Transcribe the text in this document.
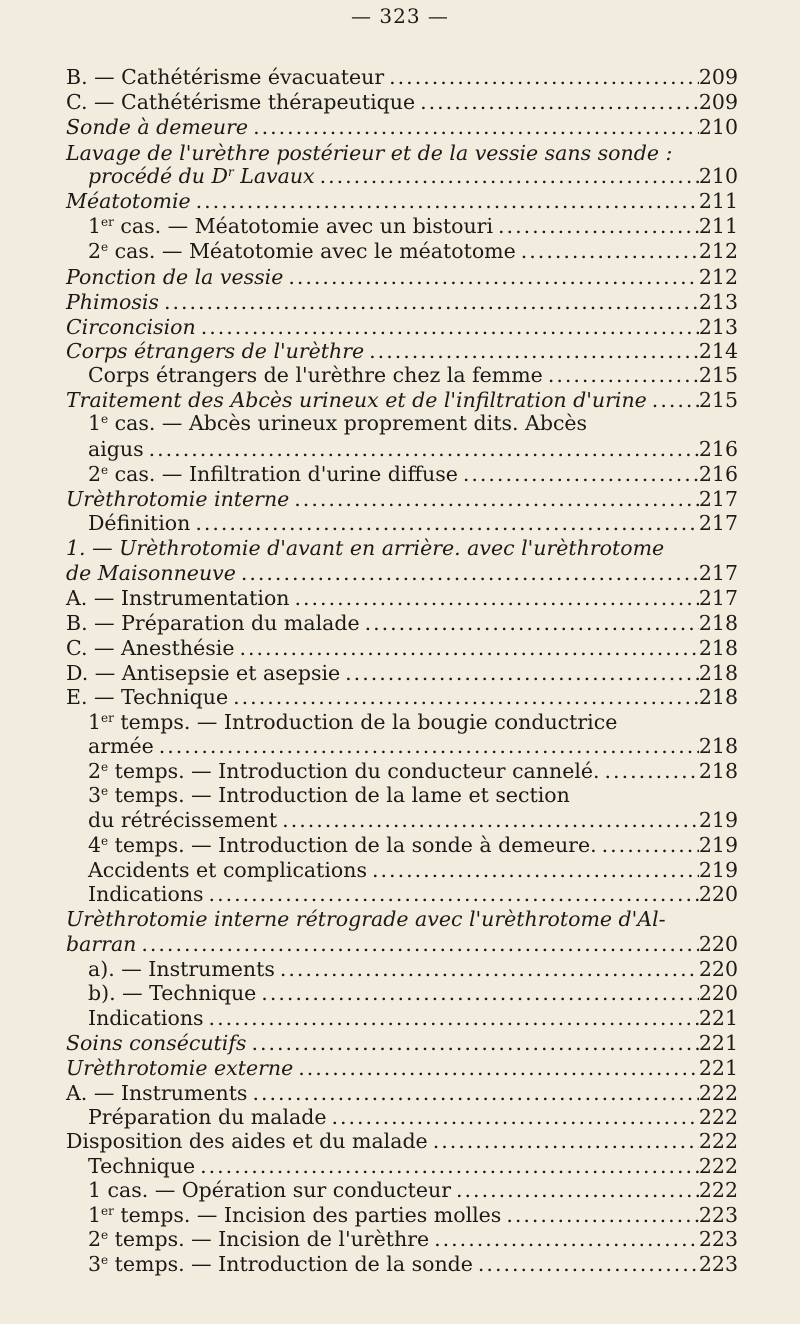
— 323 —
B. — Cathétérisme évacuateur .....	209
C. — Cathétérisme thérapeutique .....	209
Sonde à demeure .....	210
Lavage de l'urèthre postérieur et de la vessie sans sonde :
procédé du $D^r$ Lavaux .....	210
Méatotomie .....	211
1er cas. — Méatotomie avec un bistouri .....	211
2e cas. — Méatotomie avec le méatotome .....	212
Ponction de la vessie .....	212
Phimosis .....	213
Circoncision .....	213
Corps étrangers de l'urèthre .....	214
Corps étrangers de l'urèthre chez la femme .....	215
Traitement des Abcès urineux et de l'infiltration d'urine .....	215
1e cas. — Abcès urineux proprement dits. Abcès
aigus .....	216
2e cas. — Infiltration d'urine diffuse .....	216
Urèthrotomie interne .....	217
Définition .....	217
1. — Urèthrotomie d'avant en arrière. avec l'urèthrotome
de Maisonneuve .....	217
A. — Instrumentation .....	217
B. — Préparation du malade .....	218
C. — Anesthésie .....	218
D. — Antisepsie et asepsie .....	218
E. — Technique .....	218
1er temps. — Introduction de la bougie conductrice
armée .....	218
2e temps. — Introduction du conducteur cannelé. .....	218
3e temps. — Introduction de la lame et section
du rétrécissement .....	219
4e temps. — Introduction de la sonde à demeure. .....	219
Accidents et complications .....	219
Indications .....	220
Urèthrotomie interne rétrograde avec l'urèthrotome d'Al-
barran .....	220
a). — Instruments .....	220
b). — Technique .....	220
Indications .....	221
Soins consécutifs .....	221
Urèthrotomie externe .....	221
A. — Instruments .....	222
Préparation du malade .....	222
Disposition des aides et du malade .....	222
Technique .....	222
1 cas. — Opération sur conducteur .....	222
1er temps. — Incision des parties molles .....	223
2e temps. — Incision de l'urèthre .....	223
3e temps. — Introduction de la sonde .....	223
